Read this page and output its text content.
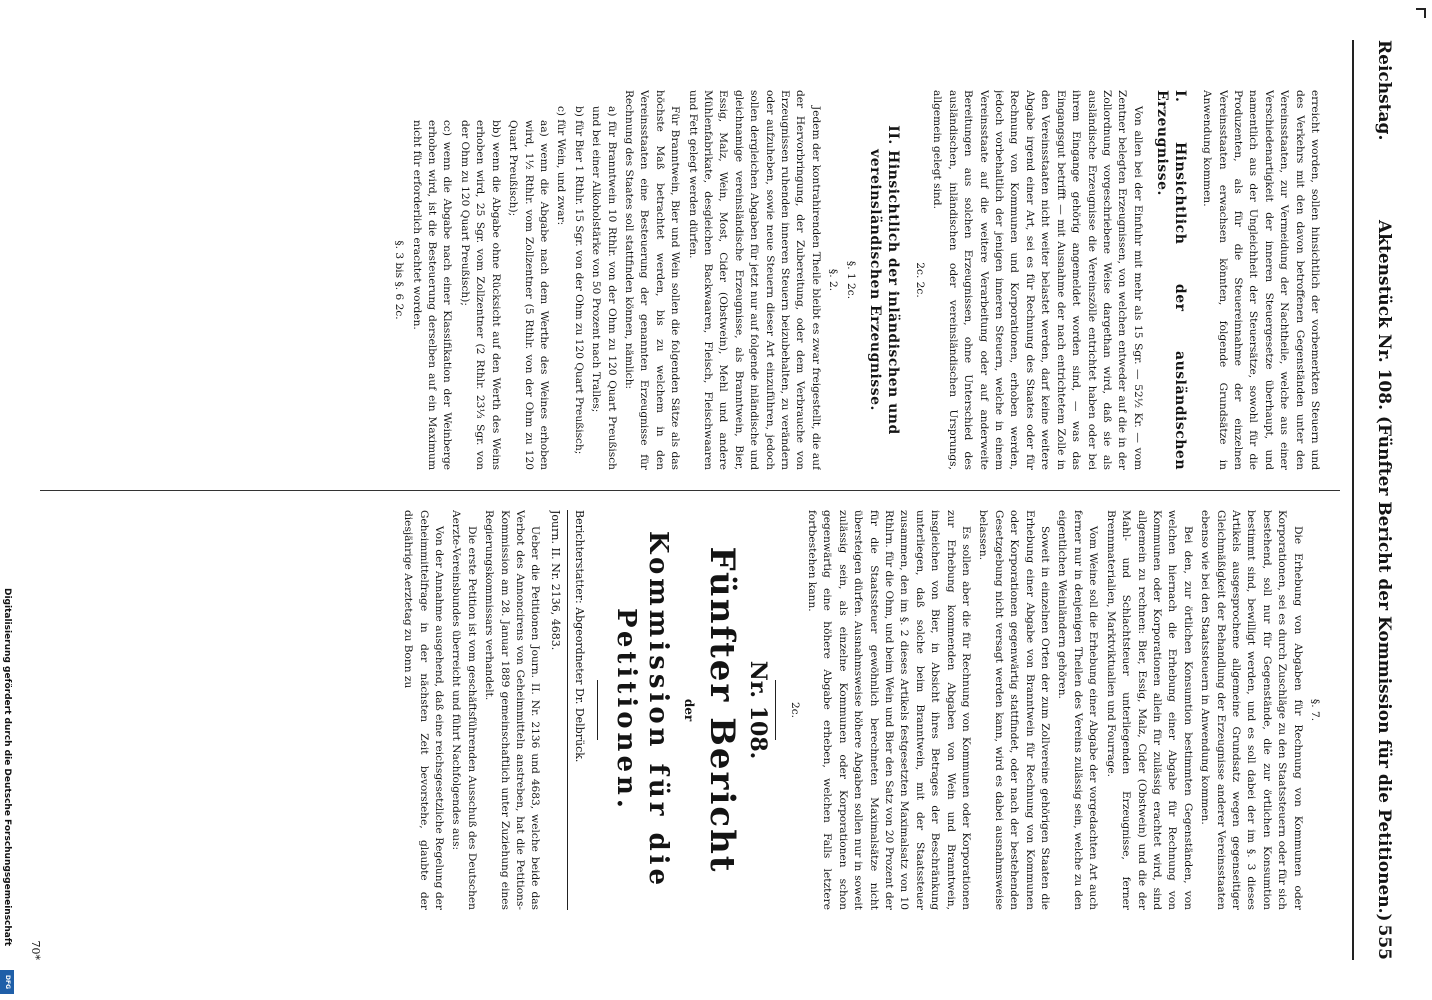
Reichstag.
Aktenstück Nr. 108. (Fünfter Bericht der Kommission für die Petitionen.)
555

erreicht worden, sollen hinsichtlich der vorbemerkten Steuern und des Verkehrs mit den davon betroffenen Gegenständen unter den Vereinsstaaten, zur Vermeidung der Nachtheile, welche aus einer Verschiedenartigkeit der inneren Steuergesetze überhaupt, und namentlich aus der Ungleichheit der Steuersätze, sowohl für die Produzenten, als für die Steuereinnahme der einzelnen Vereinsstaaten erwachsen könnten, folgende Grundsätze in Anwendung kommen.

I. Hinsichtlich der ausländischen Erzeugnisse.

Von allen bei der Einfuhr mit mehr als 15 Sgr. — 52½ Kr. — vom Zentner belegten Erzeugnissen, von welchen entweder auf die in der Zollordnung vorgeschriebene Weise dargethan wird, daß sie als ausländische Erzeugnisse die Vereinszölle entrichtet haben oder bei ihrem Eingange gehörig angemeldet worden sind, — was das Eingangsgut betrifft — mit Ausnahme der nach entrichtetem Zolle in den Vereinsstaaten nicht weiter belastet werden, darf keine weitere Abgabe irgend einer Art, sei es für Rechnung des Staates oder für Rechnung von Kommunen und Korporationen, erhoben werden, jedoch vorbehaltlich der jenigen inneren Steuern, welche in einem Vereinsstaate auf die weitere Verarbeitung oder auf anderweite Bereitungen aus solchen Erzeugnissen, ohne Unterschied des ausländischen, inländischen oder vereinsländischen Ursprungs, allgemein gelegt sind.

2c. 2c.

II. Hinsichtlich der inländischen und vereinsländischen Erzeugnisse.

§. 1 2c.

§. 2.

Jedem der kontrahirenden Theile bleibt es zwar freigestellt, die auf der Hervorbringung, der Zubereitung, oder dem Verbrauche von Erzeugnissen ruhenden inneren Steuern beizubehalten, zu verändern oder aufzuheben, sowie neue Steuern dieser Art einzuführen, jedoch sollen dergleichen Abgaben für jetzt nur auf folgende inländische und gleichnamige vereinsländische Erzeugnisse, als Branntwein, Bier, Essig, Malz, Wein, Most, Cider (Obstwein), Mehl und andere Mühlenfabrikate, desgleichen Backwaaren, Fleisch, Fleischwaaren und Fett gelegt werden dürfen.

Für Branntwein, Bier und Wein sollen die folgenden Sätze als das höchste Maß betrachtet werden, bis zu welchem in den Vereinsstaaten eine Besteuerung der genannten Erzeugnisse für Rechnung des Staates soll stattfinden können, nämlich:

a) für Branntwein 10 Rthlr. von der Ohm zu 120 Quart Preußisch und bei einer Alkoholstärke von 50 Prozent nach Tralles;
b) für Bier 1 Rthlr. 15 Sgr. von der Ohm zu 120 Quart Preußisch;
c) für Wein, und zwar:
aa) wenn die Abgabe nach dem Werthe des Weines erhoben wird, 1½ Rthlr. vom Zollzentner (5 Rthlr. von der Ohm zu 120 Quart Preußisch);
bb) wenn die Abgabe ohne Rücksicht auf den Werth des Weins erhoben wird, 25 Sgr. vom Zollzentner (2 Rthlr. 23⅓ Sgr. von der Ohm zu 120 Quart Preußisch);
cc) wenn die Abgabe nach einer Klassifikation der Weinberge erhoben wird, ist die Besteuerung derselben auf ein Maximum nicht für erforderlich erachtet worden.

§. 3 bis §. 6 2c.

§. 7.

Die Erhebung von Abgaben für Rechnung von Kommunen oder Korporationen, sei es durch Zuschläge zu den Staatssteuern oder für sich bestehend, soll nur für Gegenstände, die zur örtlichen Konsumtion bestimmt sind, bewilligt werden, und es soll dabei der im §. 3 dieses Artikels ausgesprochene allgemeine Grundsatz wegen gegenseitiger Gleichmäßigkeit der Behandlung der Erzeugnisse anderer Vereinsstaaten ebenso wie bei den Staatssteuern in Anwendung kommen.

Bei den, zur örtlichen Konsumtion bestimmten Gegenständen, von welchen hiernach die Erhebung einer Abgabe für Rechnung von Kommunen oder Korporationen allein für zulässig erachtet wird, sind allgemein zu rechnen: Bier, Essig, Malz, Cider (Obstwein) und die der Mahl- und Schlachtsteuer unterliegenden Erzeugnisse, ferner Brennmaterialien, Marktviktualien und Fourrage.

Vom Weine soll die Erhebung einer Abgabe der vorgedachten Art auch ferner nur in denjenigen Theilen des Vereins zulässig sein, welche zu den eigentlichen Weinländern gehören.

Soweit in einzelnen Orten der zum Zollvereine gehörigen Staaten die Erhebung einer Abgabe von Branntwein für Rechnung von Kommunen oder Korporationen gegenwärtig stattfindet, oder nach der bestehenden Gesetzgebung nicht versagt werden kann, wird es dabei ausnahmsweise belassen.

Es sollen aber die für Rechnung von Kommunen oder Korporationen zur Erhebung kommenden Abgaben von Wein und Branntwein, insgleichen von Bier, in Absicht ihres Betrages der Beschränkung unterliegen, daß solche beim Branntwein, mit der Staatssteuer zusammen, den im §. 2 dieses Artikels festgesetzten Maximalsatz von 10 Rthlrn. für die Ohm, und beim Wein und Bier den Satz von 20 Prozent der für die Staatssteuer gewöhnlich berechneten Maximalsätze nicht übersteigen dürfen. Ausnahmsweise höhere Abgaben sollen nur in soweit zulässig sein, als einzelne Kommunen oder Korporationen schon gegenwärtig eine höhere Abgabe erheben, welchen Falls letztere fortbestehen kann.

2c.

Nr. 108.
Fünfter Bericht
der
Kommission für die Petitionen.
Berichterstatter: Abgeordneter Dr. Delbrück.
Journ. II. Nr. 2136, 4683.

Ueber die Petitionen Journ. II. Nr. 2136 und 4683, welche beide das Verbot des Annoncirens von Geheimmitteln anstreben, hat die Petitions-Kommission am 28. Januar 1889 gemeinschaftlich unter Zuziehung eines Regierungskommissars verhandelt.

Die erste Petition ist vom geschäftsführenden Ausschuß des Deutschen Aerzte-Vereinsbundes überreicht und führt Nachfolgendes aus:

Von der Annahme ausgehend, daß eine reichsgesetzliche Regelung der Geheimmittelfrage in der nächsten Zeit bevorstehe, glaubte der diesjährige Aerztetag zu Bonn zu

70*
Digitalisierung gefördert durch die Deutsche Forschungsgemeinschaft
DFG
